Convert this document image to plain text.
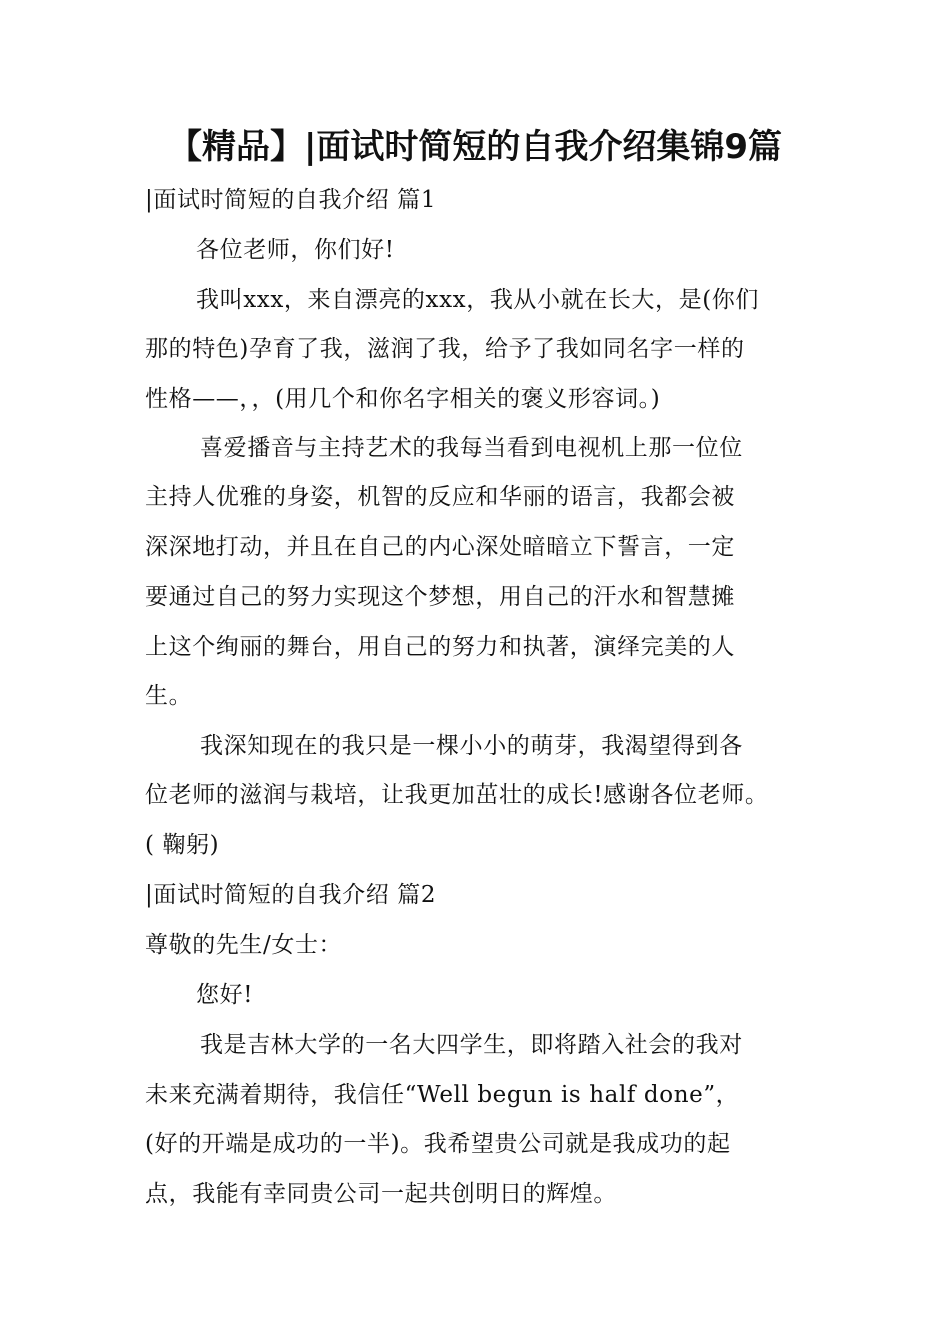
【精品】|面试时简短的自我介绍集锦9篇
|面试时简短的自我介绍 篇1
各位老师，你们好!
我叫xxx，来自漂亮的xxx，我从小就在长大，是(你们
那的特色)孕育了我，滋润了我，给予了我如同名字一样的
性格——，，(用几个和你名字相关的褒义形容词。)
喜爱播音与主持艺术的我每当看到电视机上那一位位
主持人优雅的身姿，机智的反应和华丽的语言，我都会被
深深地打动，并且在自己的内心深处暗暗立下誓言，一定
要通过自己的努力实现这个梦想，用自己的汗水和智慧摊
上这个绚丽的舞台，用自己的努力和执著，演绎完美的人
生。
我深知现在的我只是一棵小小的萌芽，我渴望得到各
位老师的滋润与栽培，让我更加茁壮的成长!感谢各位老师。
( 鞠躬)
|面试时简短的自我介绍 篇2
尊敬的先生/女士：
您好!
我是吉林大学的一名大四学生，即将踏入社会的我对
未来充满着期待，我信任“Well begun is half done”，
(好的开端是成功的一半)。我希望贵公司就是我成功的起
点，我能有幸同贵公司一起共创明日的辉煌。
